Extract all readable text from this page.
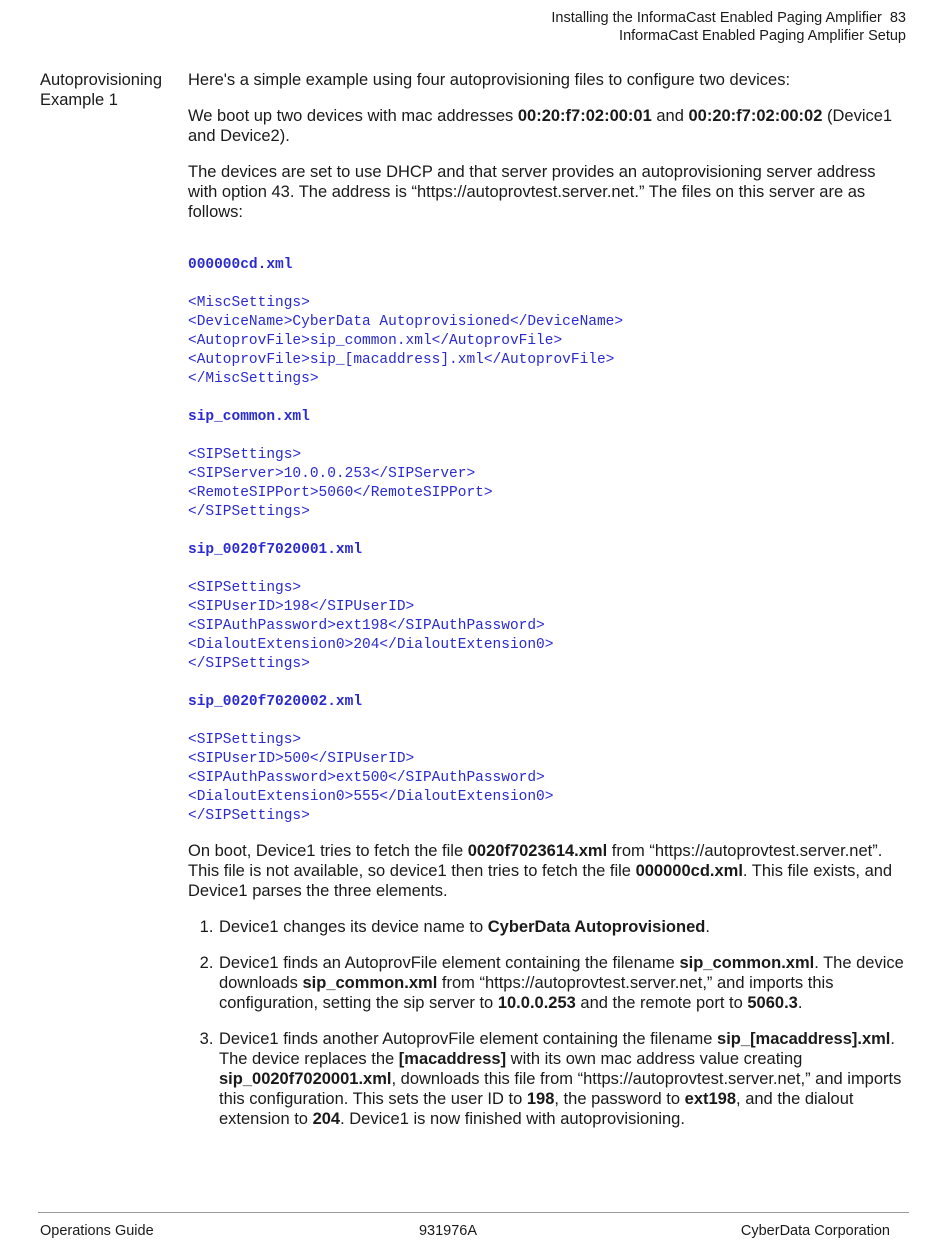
Installing the InformaCast Enabled Paging Amplifier 83
InformaCast Enabled Paging Amplifier Setup
Autoprovisioning
Example 1

Here's a simple example using four autoprovisioning files to configure two devices:

We boot up two devices with mac addresses 00:20:f7:02:00:01 and 00:20:f7:02:00:02 (Device1 and Device2).

The devices are set to use DHCP and that server provides an autoprovisioning server address with option 43. The address is “https://autoprovtest.server.net.” The files on this server are as follows:

000000cd.xml
<MiscSettings>
<DeviceName>CyberData Autoprovisioned</DeviceName>
<AutoprovFile>sip_common.xml</AutoprovFile>
<AutoprovFile>sip_[macaddress].xml</AutoprovFile>
</MiscSettings>
sip_common.xml
<SIPSettings>
<SIPServer>10.0.0.253</SIPServer>
<RemoteSIPPort>5060</RemoteSIPPort>
</SIPSettings>
sip_0020f7020001.xml
<SIPSettings>
<SIPUserID>198</SIPUserID>
<SIPAuthPassword>ext198</SIPAuthPassword>
<DialoutExtension0>204</DialoutExtension0>
</SIPSettings>
sip_0020f7020002.xml
<SIPSettings>
<SIPUserID>500</SIPUserID>
<SIPAuthPassword>ext500</SIPAuthPassword>
<DialoutExtension0>555</DialoutExtension0>
</SIPSettings>

On boot, Device1 tries to fetch the file 0020f7023614.xml from “https://autoprovtest.server.net”. This file is not available, so device1 then tries to fetch the file 000000cd.xml. This file exists, and Device1 parses the three elements.

1. Device1 changes its device name to CyberData Autoprovisioned.
2. Device1 finds an AutoprovFile element containing the filename sip_common.xml. The device downloads sip_common.xml from “https://autoprovtest.server.net,” and imports this configuration, setting the sip server to 10.0.0.253 and the remote port to 5060.3.
3. Device1 finds another AutoprovFile element containing the filename sip_[macaddress].xml. The device replaces the [macaddress] with its own mac address value creating sip_0020f7020001.xml, downloads this file from “https://autoprovtest.server.net,” and imports this configuration. This sets the user ID to 198, the password to ext198, and the dialout extension to 204. Device1 is now finished with autoprovisioning.
Operations Guide	931976A	CyberData Corporation
